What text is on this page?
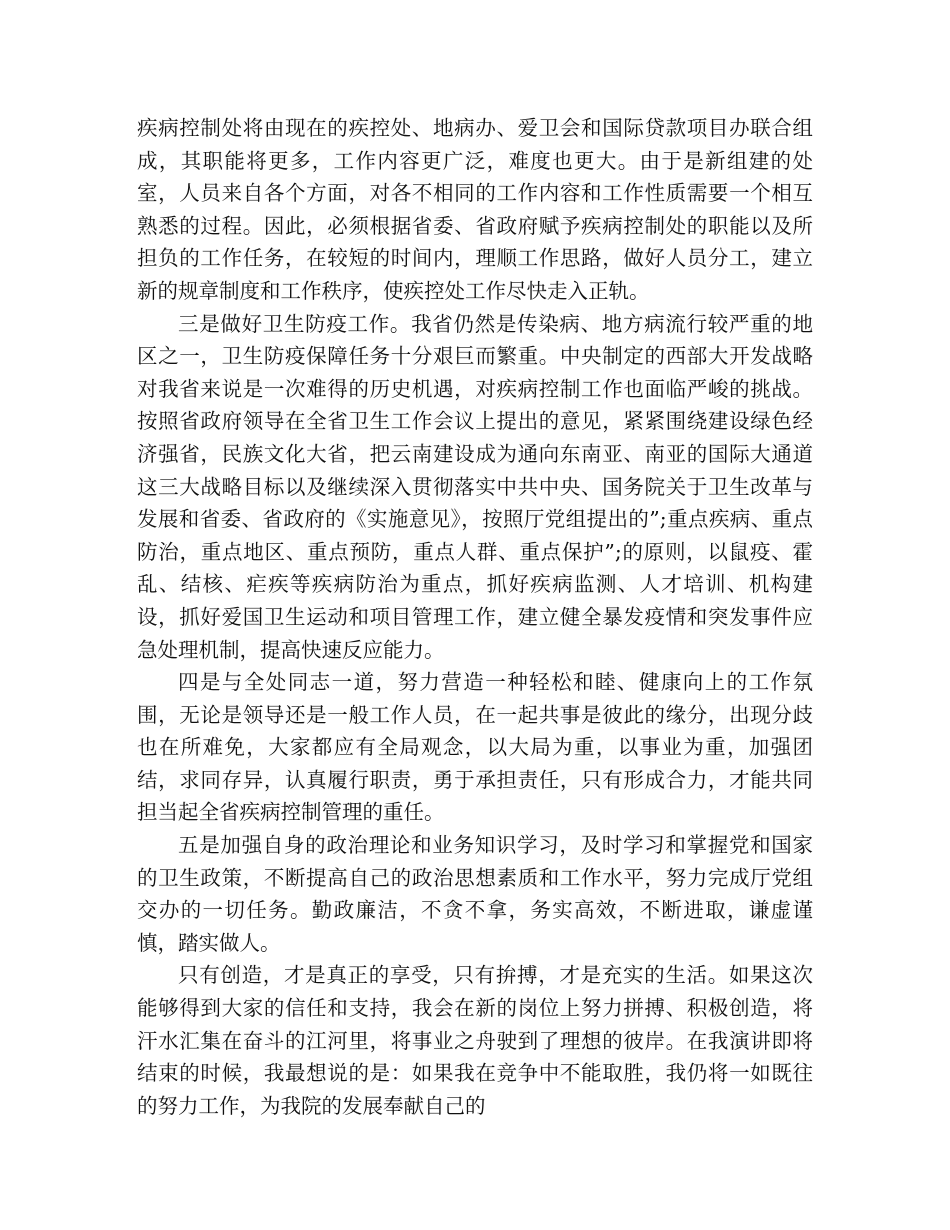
疾病控制处将由现在的疾控处、地病办、爱卫会和国际贷款项目办联合组成，其职能将更多，工作内容更广泛，难度也更大。由于是新组建的处室，人员来自各个方面，对各不相同的工作内容和工作性质需要一个相互熟悉的过程。因此，必须根据省委、省政府赋予疾病控制处的职能以及所担负的工作任务，在较短的时间内，理顺工作思路，做好人员分工，建立新的规章制度和工作秩序，使疾控处工作尽快走入正轨。

三是做好卫生防疫工作。我省仍然是传染病、地方病流行较严重的地区之一，卫生防疫保障任务十分艰巨而繁重。中央制定的西部大开发战略对我省来说是一次难得的历史机遇，对疾病控制工作也面临严峻的挑战。按照省政府领导在全省卫生工作会议上提出的意见，紧紧围绕建设绿色经济强省，民族文化大省，把云南建设成为通向东南亚、南亚的国际大通道这三大战略目标以及继续深入贯彻落实中共中央、国务院关于卫生改革与发展和省委、省政府的《实施意见》，按照厅党组提出的”;重点疾病、重点防治，重点地区、重点预防，重点人群、重点保护”;的原则，以鼠疫、霍乱、结核、疟疾等疾病防治为重点，抓好疾病监测、人才培训、机构建设，抓好爱国卫生运动和项目管理工作，建立健全暴发疫情和突发事件应急处理机制，提高快速反应能力。

四是与全处同志一道，努力营造一种轻松和睦、健康向上的工作氛围，无论是领导还是一般工作人员，在一起共事是彼此的缘分，出现分歧也在所难免，大家都应有全局观念，以大局为重，以事业为重，加强团结，求同存异，认真履行职责，勇于承担责任，只有形成合力，才能共同担当起全省疾病控制管理的重任。

五是加强自身的政治理论和业务知识学习，及时学习和掌握党和国家的卫生政策，不断提高自己的政治思想素质和工作水平，努力完成厅党组交办的一切任务。勤政廉洁，不贪不拿，务实高效，不断进取，谦虚谨慎，踏实做人。

只有创造，才是真正的享受，只有拚搏，才是充实的生活。如果这次能够得到大家的信任和支持，我会在新的岗位上努力拼搏、积极创造，将汗水汇集在奋斗的江河里，将事业之舟驶到了理想的彼岸。在我演讲即将结束的时候，我最想说的是：如果我在竞争中不能取胜，我仍将一如既往的努力工作，为我院的发展奉献自己的
